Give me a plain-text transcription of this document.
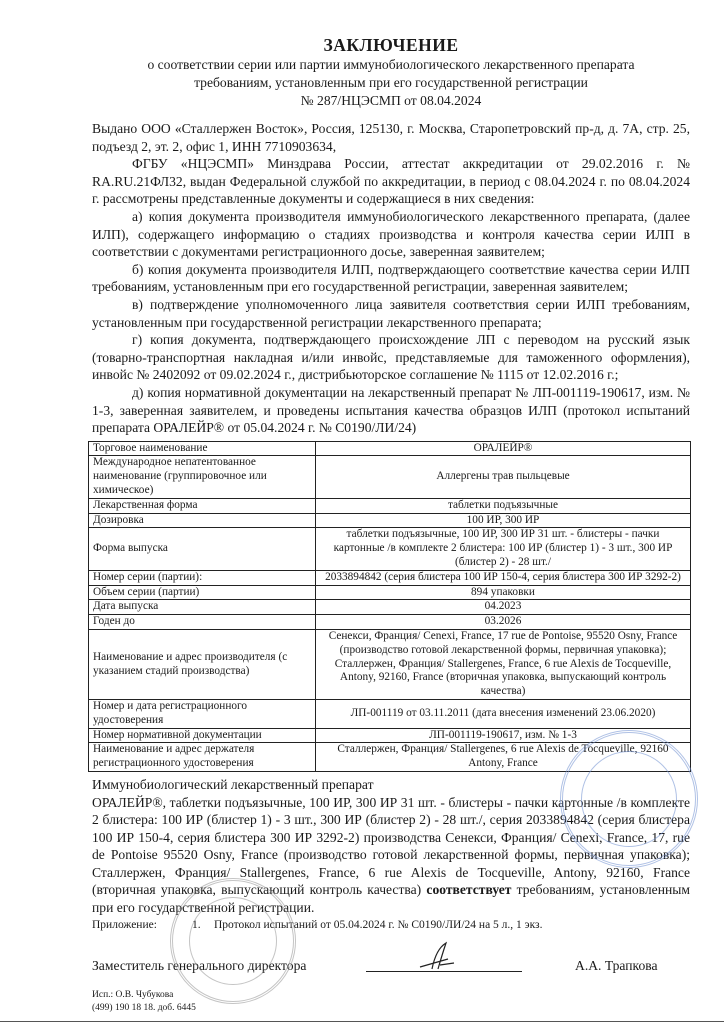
ЗАКЛЮЧЕНИЕ
о соответствии серии или партии иммунобиологического лекарственного препарата
требованиям, установленным при его государственной регистрации
№ 287/НЦЭСМП от 08.04.2024

Выдано ООО «Сталлержен Восток», Россия, 125130, г. Москва, Старопетровский пр-д, д. 7А, стр. 25, подъезд 2, эт. 2, офис 1, ИНН 7710903634,

ФГБУ «НЦЭСМП» Минздрава России, аттестат аккредитации от 29.02.2016 г. № RA.RU.21ФЛ32, выдан Федеральной службой по аккредитации, в период с 08.04.2024 г. по 08.04.2024 г. рассмотрены представленные документы и содержащиеся в них сведения:

а) копия документа производителя иммунобиологического лекарственного препарата, (далее ИЛП), содержащего информацию о стадиях производства и контроля качества серии ИЛП в соответствии с документами регистрационного досье, заверенная заявителем;

б) копия документа производителя ИЛП, подтверждающего соответствие качества серии ИЛП требованиям, установленным при его государственной регистрации, заверенная заявителем;

в) подтверждение уполномоченного лица заявителя соответствия серии ИЛП требованиям, установленным при государственной регистрации лекарственного препарата;

г) копия документа, подтверждающего происхождение ЛП с переводом на русский язык (товарно-транспортная накладная и/или инвойс, представляемые для таможенного оформления), инвойс № 2402092 от 09.02.2024 г., дистрибьюторское соглашение № 1115 от 12.02.2016 г.;

д) копия нормативной документации на лекарственный препарат № ЛП-001119-190617, изм. № 1-3, заверенная заявителем, и проведены испытания качества образцов ИЛП (протокол испытаний препарата ОРАЛЕЙР® от 05.04.2024 г. № С0190/ЛИ/24)

Торговое наименование	ОРАЛЕЙР®
Международное непатентованное наименование (группировочное или химическое)	Аллергены трав пыльцевые
Лекарственная форма	таблетки подъязычные
Дозировка	100 ИР, 300 ИР
Форма выпуска	таблетки подъязычные, 100 ИР, 300 ИР 31 шт. - блистеры - пачки картонные /в комплекте 2 блистера: 100 ИР (блистер 1) - 3 шт., 300 ИР (блистер 2) - 28 шт./
Номер серии (партии):	2033894842 (серия блистера 100 ИР 150-4, серия блистера 300 ИР 3292-2)
Объем серии (партии)	894 упаковки
Дата выпуска	04.2023
Годен до	03.2026
Наименование и адрес производителя (с указанием стадий производства)	Сенекси, Франция/ Cenexi, France, 17 rue de Pontoise, 95520 Osny, France (производство готовой лекарственной формы, первичная упаковка); Сталлержен, Франция/ Stallergenes, France, 6 rue Alexis de Tocqueville, Antony, 92160, France (вторичная упаковка, выпускающий контроль качества)
Номер и дата регистрационного удостоверения	ЛП-001119 от 03.11.2011 (дата внесения изменений 23.06.2020)
Номер нормативной документации	ЛП-001119-190617, изм. № 1-3
Наименование и адрес держателя регистрационного удостоверения	Сталлержен, Франция/ Stallergenes, 6 rue Alexis de Tocqueville, 92160 Antony, France

Иммунобиологический лекарственный препарат

ОРАЛЕЙР®, таблетки подъязычные, 100 ИР, 300 ИР 31 шт. - блистеры - пачки картонные /в комплекте 2 блистера: 100 ИР (блистер 1) - 3 шт., 300 ИР (блистер 2) - 28 шт./, серия 2033894842 (серия блистера 100 ИР 150-4, серия блистера 300 ИР 3292-2) производства Сенекси, Франция/ Cenexi, France, 17, rue de Pontoise 95520 Osny, France (производство готовой лекарственной формы, первичная упаковка); Сталлержен, Франция/ Stallergenes, France, 6 rue Alexis de Tocqueville, Antony, 92160, France (вторичная упаковка, выпускающий контроль качества) соответствует требованиям, установленным при его государственной регистрации.

Приложение:	1.	Протокол испытаний от 05.04.2024 г. № С0190/ЛИ/24 на 5 л., 1 экз.
Заместитель генерального директора	А.А. Трапкова
Исп.: О.В. Чубукова
(499) 190 18 18. доб. 6445
